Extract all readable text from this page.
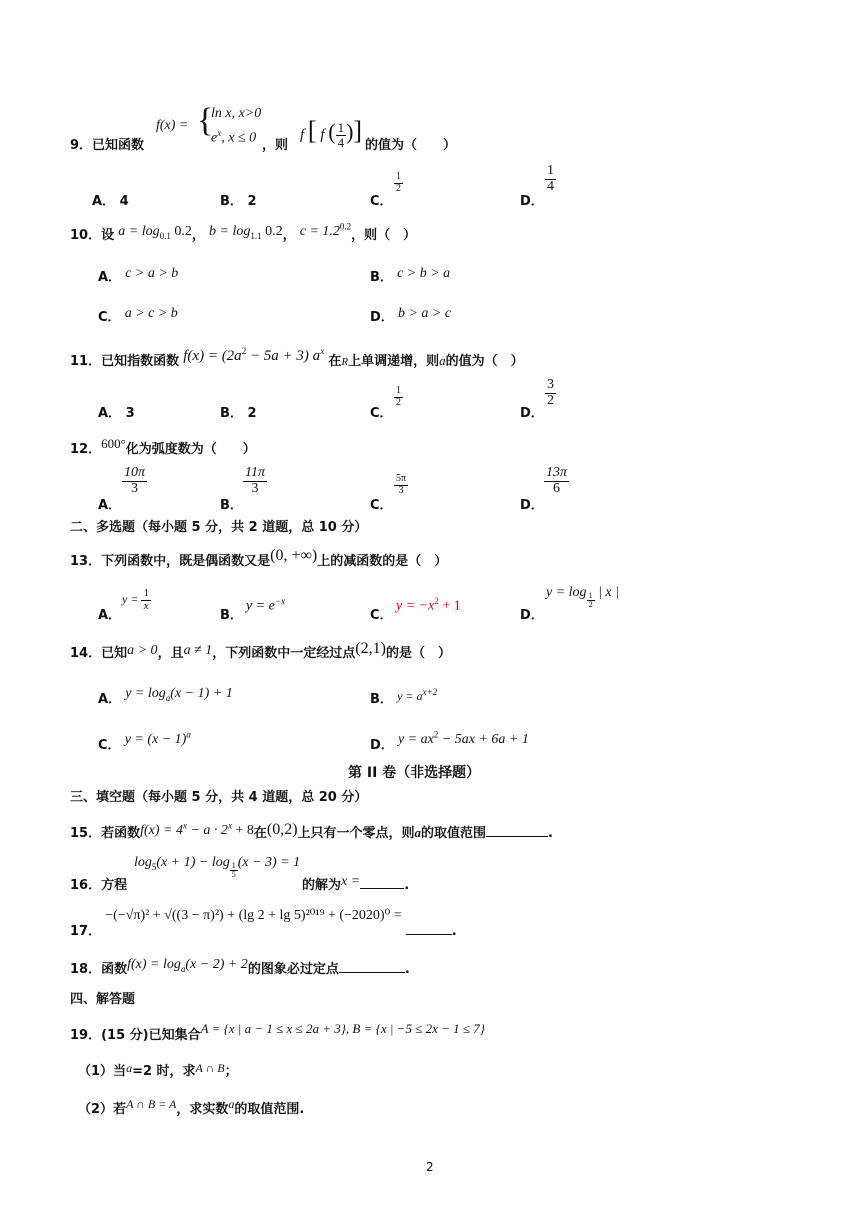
9． 已知函数
f(x) = {
ln x, x>0
$e^x$, x ≤ 0 ，则
f [ f ( $\frac{1}{4}$ )]
的值为（　　）
A． 4	B． 2	C．
$\frac{1}{2}$
D．
$\frac{1}{4}$
10．设 $a = \log_{0.1} 0.2$， $b = \log_{1.1} 0.2$， $c = 1.2^{0.2}$，则（　）
A． c > a > b	B． c > b > a
C． a > c > b	D． b > a > c
11．已知指数函数 $f(x) = (2a^2 - 5a + 3)$ $a^x$ 在R上单调递增，则a的值为（　）
A． 3	B． 2	C．
$\frac{1}{2}$
D．
$\frac{3}{2}$
12．600°化为弧度数为（　　）
A．
$\frac{10\pi}{3}$
B．
$\frac{11\pi}{3}$
C．
$\frac{5\pi}{3}$
D．
$\frac{13\pi}{6}$
二、多选题（每小题 5 分，共 2 道题，总 10 分）
13．下列函数中，既是偶函数又是(0, +∞)上的减函数的是（　）
A．
$y = \frac{1}{x}$
B．
$y = e^{-x}$
C．
$y = -x^2 + 1$
D．
$y = \log \frac{1}{2}$ | x |
14．已知a > 0，且a ≠ 1，下列函数中一定经过点(2,1)的是（　）
A． $y = \log_a(x - 1) + 1$	B． $y = a^{x+2}$
C． $y = (x - 1)^a$
D． $y = ax^2 - 5ax + 6a + 1$
第 II 卷（非选择题）
三、填空题（每小题 5 分，共 4 道题，总 20 分）
15．若函数$f(x) = 4^x - a \cdot 2^x + 8$在(0,2)上只有一个零点，则a的取值范围	.
$\log_5(x + 1) - \log \frac{1}{5} (x - 3) = 1$
16．方程	的解为x =	.
17． −(−√π)² + √((3 − π)²) + (lg 2 + lg 5)²⁰¹⁹ + (−2020)⁰ = .
18．函数$f(x) = \log_a(x - 2) + 2$的图象必过定点	.
四、解答题
19．(15 分)已知集合A = {x | a − 1 ≤ x ≤ 2a + 3}, B = {x | −5 ≤ 2x − 1 ≤ 7}
（1）当a=2 时，求A ∩ B；
（2）若A ∩ B = A，求实数a的取值范围.
2
